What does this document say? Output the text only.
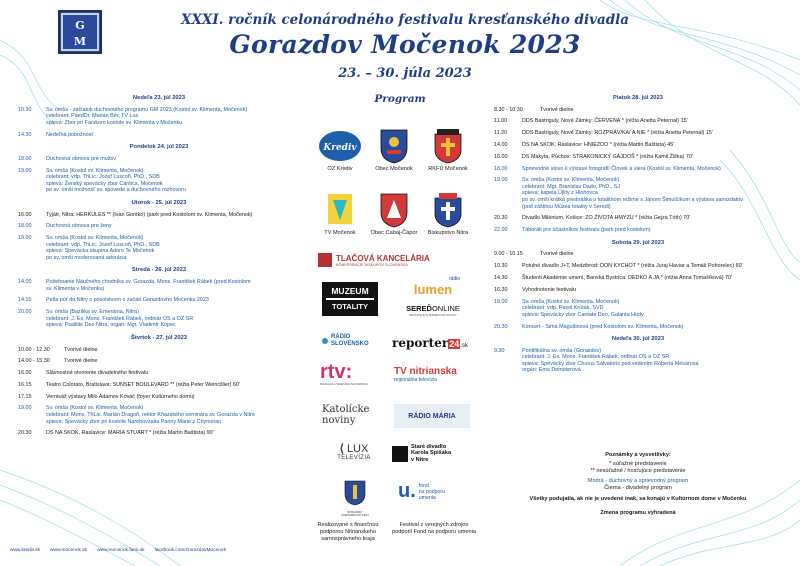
G
M
XXXI. ročník celonárodného festivalu kresťanského divadla
Gorazdov Močenok 2023
23. – 30. júla 2023
Program
Nedeľa 23. júl 2023
10.30	Sv. omša - začiatok duchovného programu GM 2023 (Kostol sv. Klimenta, Močenok)
celebrant: PaedDr. Marián Bér, TV Lux
spieva: Zbor pri Farskom kostole sv. Klimenta v Močenku
14.30	Nedeľná pobožnosť
Pondelok 24. júl 2023
18.00	Duchovná obnova pre mužov
19.00	Sv. omša (Kostol sv. Klimenta, Močenok)
celebrant: vdp. ThLic. Jozef Luscoň, PhD., SDB
spieva: Ženský spevácky zbor Cantica, Močenok
po sv. omši možnosť sv. spovede a duchovného rozhovoru
Utorok - 25. júl 2023
16.00	Tyjátr, Nitra: HERKULES ** (Ivan Gontko) (park pred Kostolom sv. Klimenta, Močenok)
18.00	Duchovná obnova pre ženy
19.00	Sv. omša (Kostol sv. Klimenta, Močenok)
celebrant: vdp. ThLic. Jozef Luscoň, PhD., SDB
spieva: Spevácka skupina Adoro Te Močenok
po sv. omši moderovaná adorácia
Streda - 26. júl 2023
14.00	Požehnanie Náučného chodníka sv. Gorazda, Mons. František Rábek (pred Kostolom
sv. Klimenta v Močenku)
14.15	Peša púť do Nitry s posolstvom o začatí Gorazdovho Močenku 2023
20.00	Sv. omša (Bazilika sv. Emeráma, Nitra)
celebrant: J. Ex. Mons. František Rábek, ordinár OS a OZ SR
spieva: Psalliite Deo Nitra, organ: Mgr. Vladimír Kopec
Štvrtok - 27. júl 2023
10.00 - 12.30	Tvorivé dielne
14.00 - 15.30	Tvorivé dielne
16.00	Slávnostné otvorenie divadelného festivalu
16.15	Teatro Colorato, Bratislava: SUNSET BOULEVARD ** (réžia Peter Weincillier) 60'
17.15	Vernisáž výstavy Milo Adamov Kováč (foyer Kultúrneho domu)
19.00	Sv. omša (Kostol sv. Klimenta, Močenok)
celebrant: Mons. ThLic. Marián Dragoň, rektor Kňazského seminára sv. Gorazda v Nitre
spieva: Spevácky zbor pri kostole Narebovzatia Panny Márie z Chynorian
20.30	DS NA SKOK, Raslavice: MARIA STUART * (réžia Martin Baštista) 90'
Piatok 28. júl 2023
8.30 - 10.30	Tvorivé dielne
11.00	DDS Bastriguly, Nové Zámky: ČERVENÁ * (réžia Anetta Peternal) 15'
11.20	DDS Bastriguly, Nové Zámky: ROZPRÁV/KA/ A NIE * (réžia Anetta Peternal) 15'
14.00	DS NA SKOK, Raslavice: HNIEZDO * (réžia Martin Baštista) 45'
16.00	DS Makyta, Púchov: STRAKONICKÝ GAJDOŠ * (réžia Kamil Žiška) 70'
18.00	Sprievodné slovo k výstave fotografií Človek a viera (Kostol sv. Klimenta, Močenok)
19.00	Sv. omša (Kostol sv. Klimenta, Močenok)
celebrant: Mgr. Branislav Dado, PhD., SJ
spieva: kapela Újlity z Hlohovca
po sv. omši krátka prednáška o totalitnom režime s Jánom Šimulčíkom a výstava samizdatov
(pod záštitou Múzea totality v Seredi)
20.30	Divadlo Milénium, Košice: ZO ŽIVOTA HMYZU * (réžia Gejza Tóth) 70'
22.00	Táborák pre účastníkov festivalu (park pred kostolom)
Sobota 29. júl 2023
9.00 - 10.15	Tvorivé dielne
10.30	Potulné divadlo J+T, Medzibrod: DON KYCHOT * (réžia Juraj Haviar a Tomáš Pohorelec) 60'
14.30	Študenti Akadémie umení, Banská Bystrica: DEDKO A JA * (réžia Anna Tomašíková) 70'
16.30	Vyhodnotenie festivalu
18.00	Sv. omša (Kostol sv. Klimenta, Močenok)
celebrant: vdp. Pavol Kruták, SVD
spieva: Spevácky zbor Cantate Deo, Galanta Hody
20.30	Koncert - Sima Magušinová (pred Kostolom sv. Klimenta, Močenok)
Nedeľa 30. júl 2023
9.30	Pontifikálna sv. omša (Gorazdov)
celebrant: J. Ex. Mons. František Rábek, ordinár OS a OZ SR
spieva: Spevácky zbor Chorus Salvatoris pod vedením Róberta Mésárosa
orgán: Ema Demeterová
Poznámky a vysvetlivky:
* súťažné predstavenie
** nesúťažné / hosťujúce predstavenie
Modrá - duchovný a sprievodný program
Čierna - divadelný program
Všetky podujatia, ak nie je uvedené inak, sa konajú v Kultúrnom dome v Močenku
Zmena programu vyhradená
Krediv
OZ Krediv	Obec Močenok	RKFÚ Močenok
TV Močenok	Obec Cabaj-Čápor Biskupstvo Nitra
TLAČOVÁ KANCELÁRIA
KONFERENCIE BISKUPOV SLOVENSKA
MUZEUM
TOTALITY
rádio
lumen
SEREĎONLINE
NEZÁVISLÉ INTERNETOVÉ NOVINY
RÁDIO
SLOVENSKO reporter24.sk
rtv:
ROZHLAS A TELEVÍZIA SLOVENSKA
TV nitrianska
regionálna televízia
Katolícke
noviny	RÁDIO MÁRIA
⟨ LUX
TELEVÍZIA
Staré divadlo
Karola Spišáka
v Nitre
NITRIANSKY SAMOSPRÁVNY KRAJ
u. fond
na podporu
umenia
Realizované s finančnou podporou Nitrianskeho samosprávneho kraja
Festival z verejných zdrojov podporil Fond na podporu umenia
www.krediv.sk www.mocenok.sk www.mocenok.farsi.sk facebook.com/GorazdovMocenok
